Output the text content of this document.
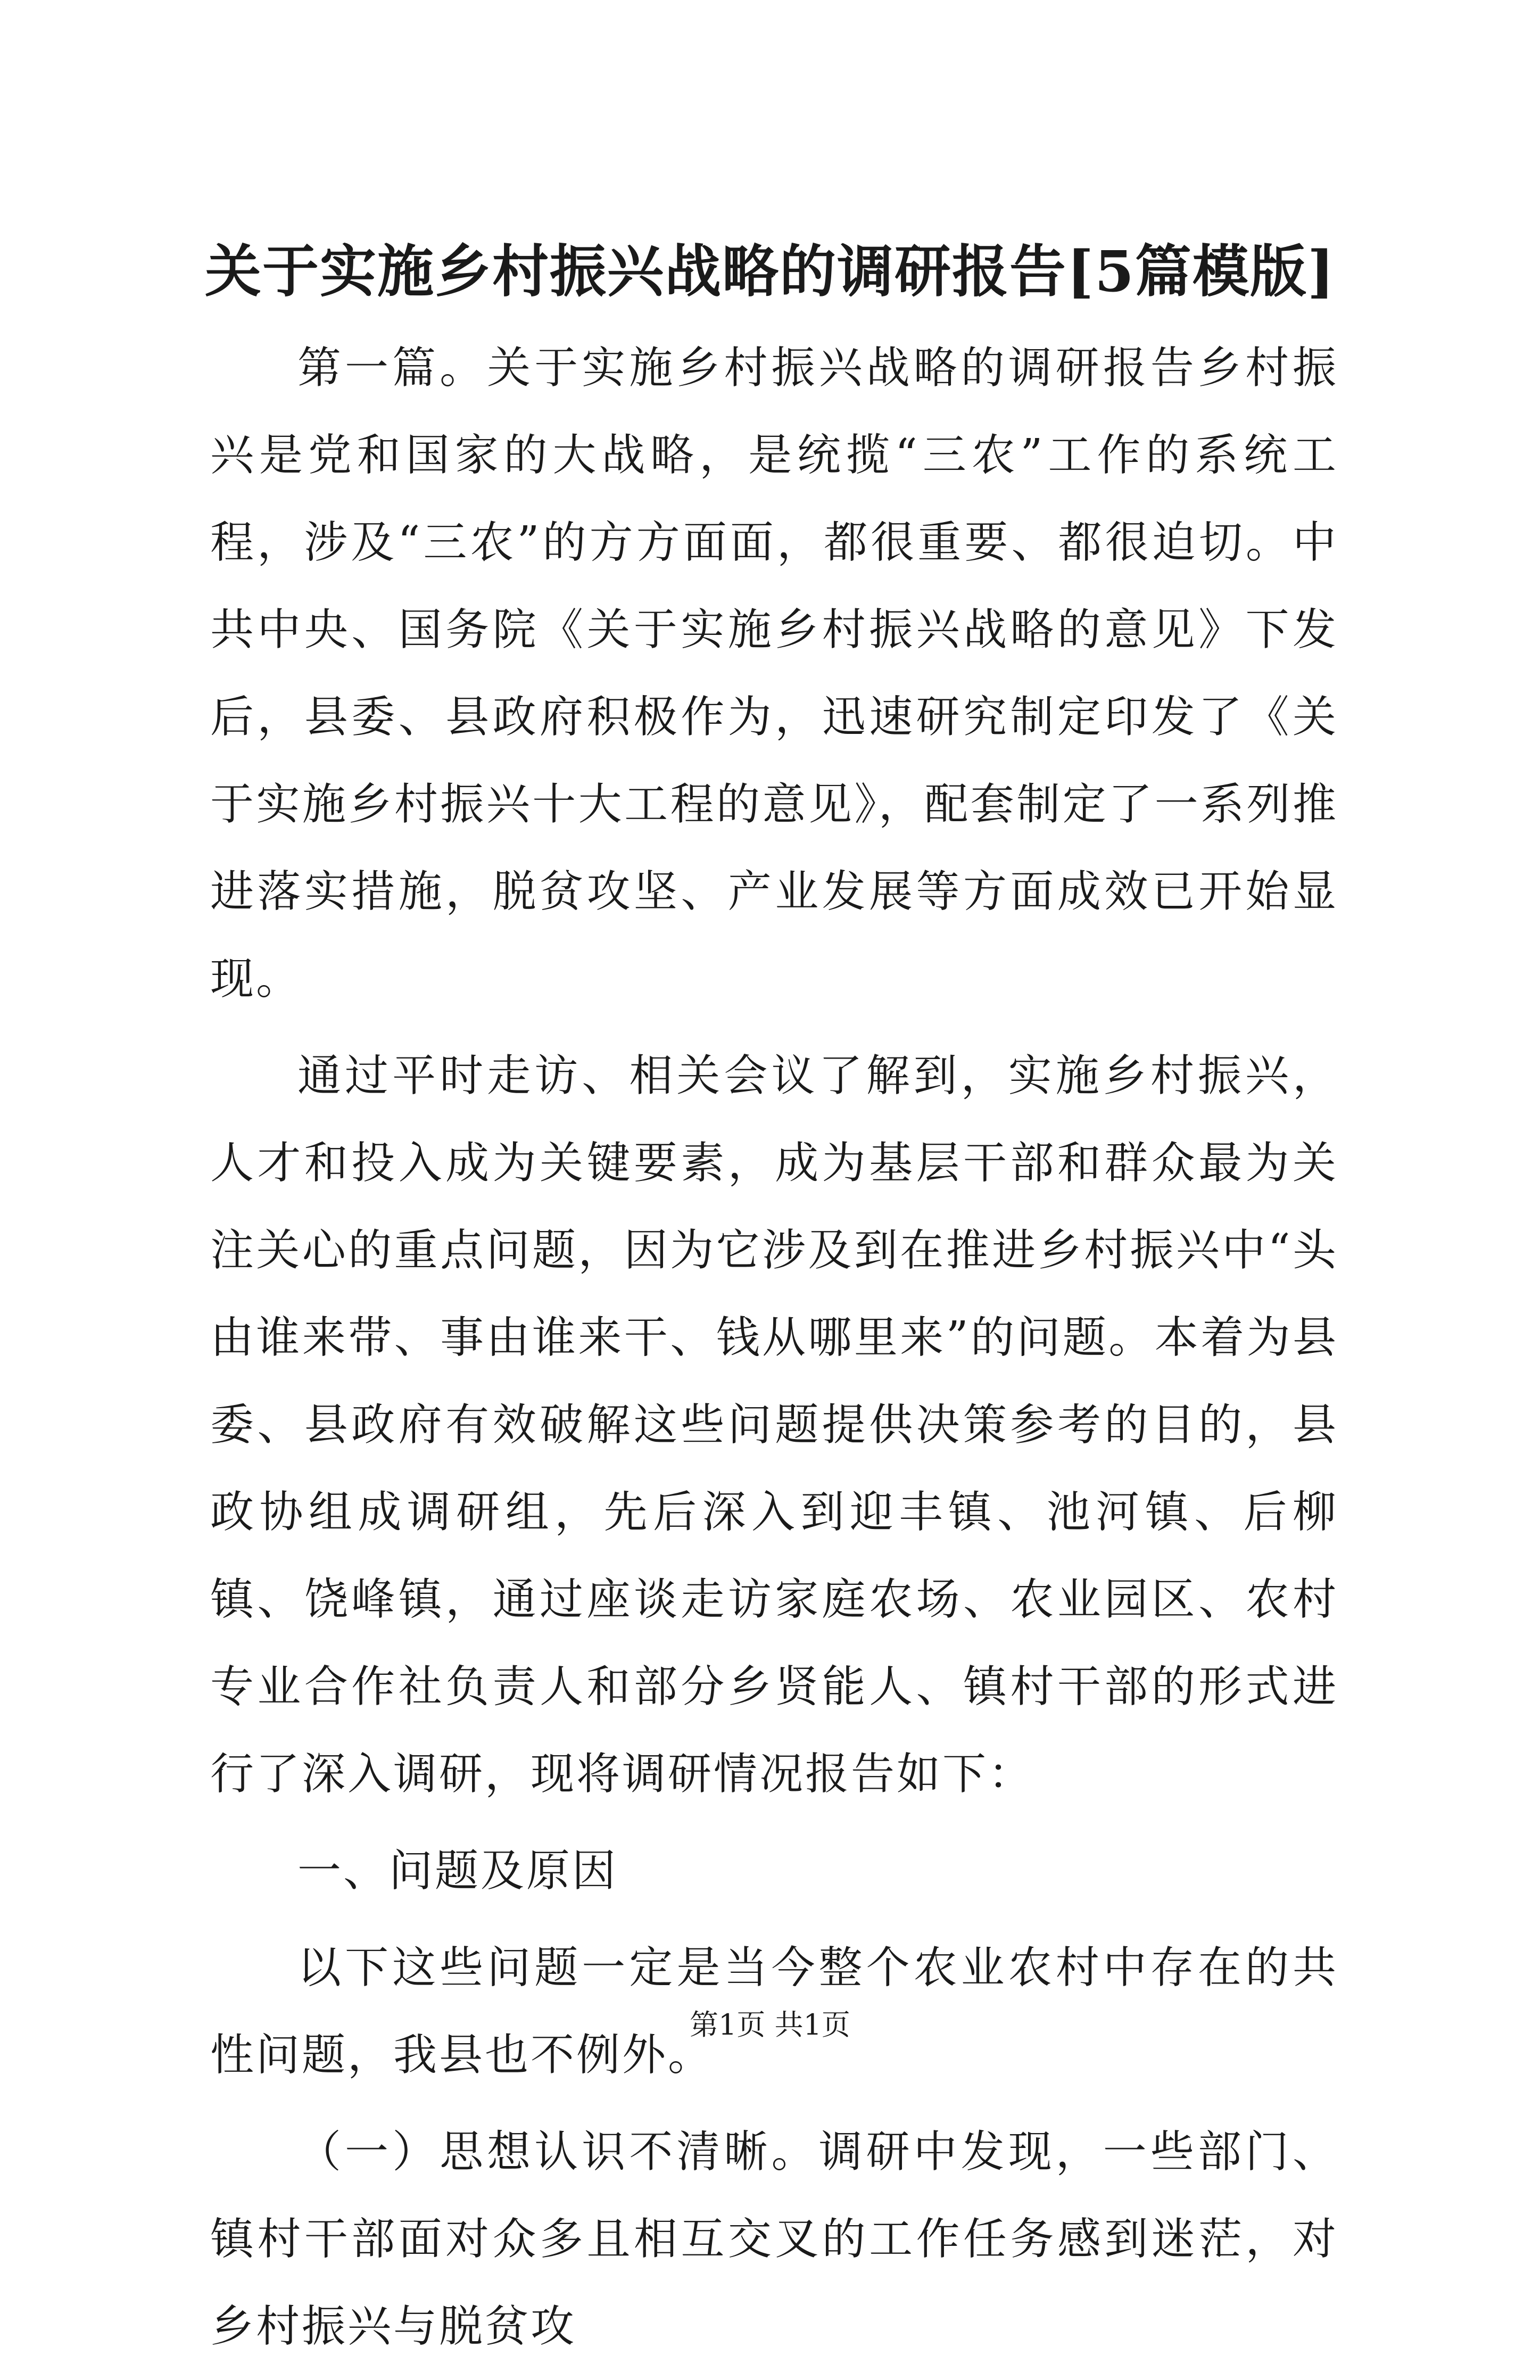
关于实施乡村振兴战略的调研报告[5篇模版]

第一篇。关于实施乡村振兴战略的调研报告乡村振兴是党和国家的大战略，是统揽“三农”工作的系统工程，涉及“三农”的方方面面，都很重要、都很迫切。中共中央、国务院《关于实施乡村振兴战略的意见》下发后，县委、县政府积极作为，迅速研究制定印发了《关于实施乡村振兴十大工程的意见》，配套制定了一系列推进落实措施，脱贫攻坚、产业发展等方面成效已开始显现。

通过平时走访、相关会议了解到，实施乡村振兴，人才和投入成为关键要素，成为基层干部和群众最为关注关心的重点问题，因为它涉及到在推进乡村振兴中“头由谁来带、事由谁来干、钱从哪里来”的问题。本着为县委、县政府有效破解这些问题提供决策参考的目的，县政协组成调研组，先后深入到迎丰镇、池河镇、后柳镇、饶峰镇，通过座谈走访家庭农场、农业园区、农村专业合作社负责人和部分乡贤能人、镇村干部的形式进行了深入调研，现将调研情况报告如下：

一、问题及原因

以下这些问题一定是当今整个农业农村中存在的共性问题，我县也不例外。

（一）思想认识不清晰。调研中发现，一些部门、镇村干部面对众多且相互交叉的工作任务感到迷茫，对乡村振兴与脱贫攻

第1页 共1页
